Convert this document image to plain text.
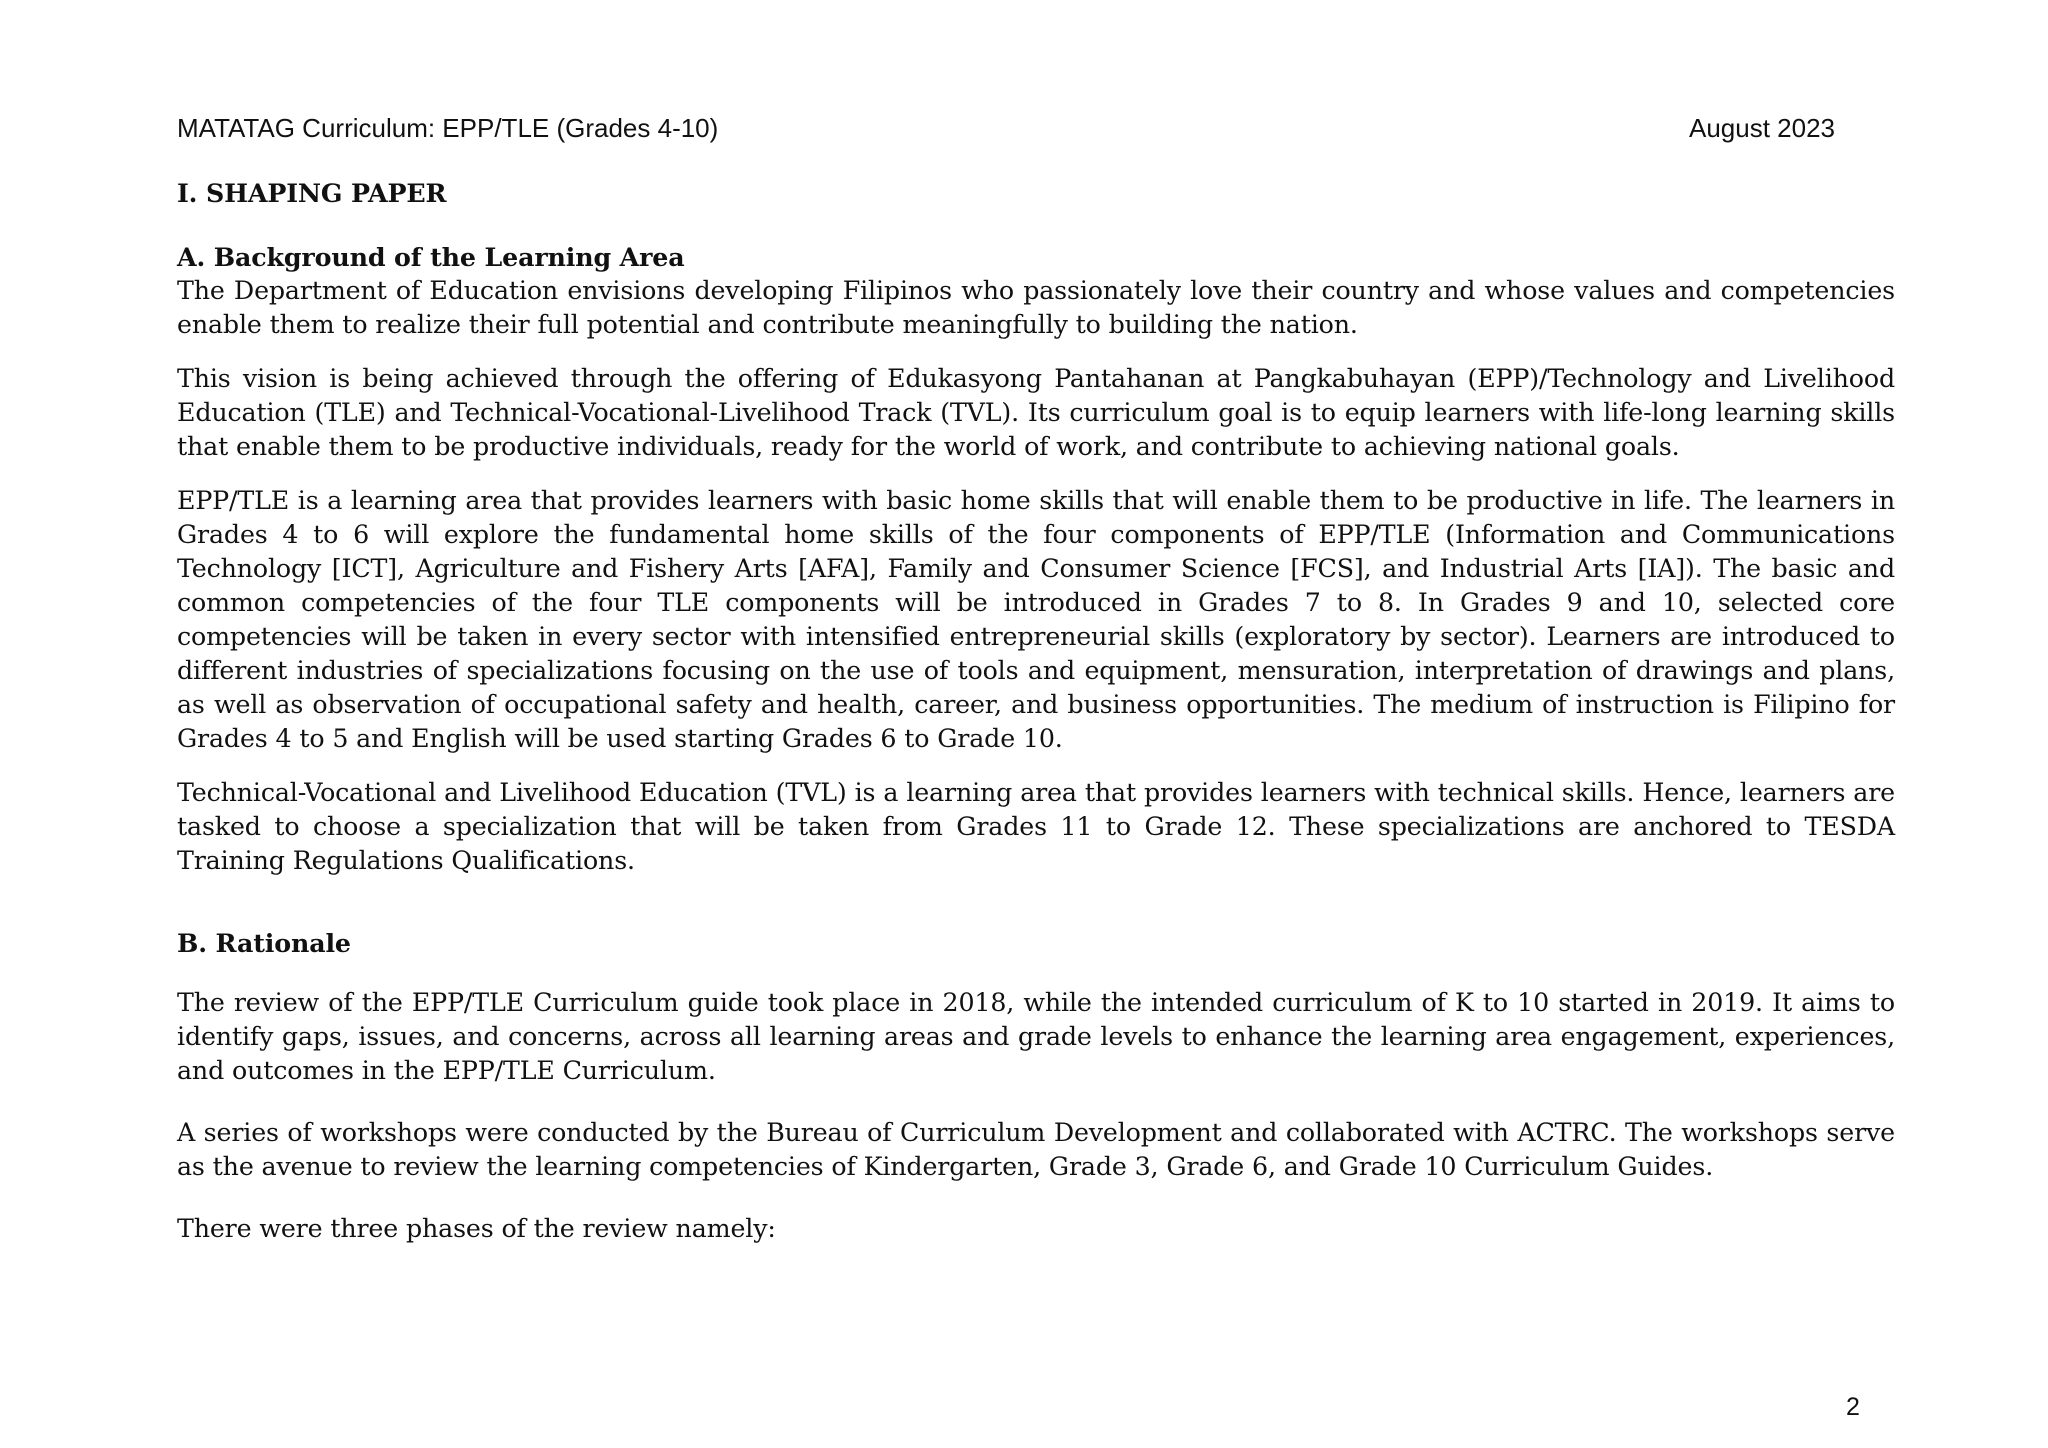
MATATAG Curriculum: EPP/TLE (Grades 4-10)	August 2023

I. SHAPING PAPER

A. Background of the Learning Area

The Department of Education envisions developing Filipinos who passionately love their country and whose values and competencies enable them to realize their full potential and contribute meaningfully to building the nation.

This vision is being achieved through the offering of Edukasyong Pantahanan at Pangkabuhayan (EPP)/Technology and Livelihood Education (TLE) and Technical-Vocational-Livelihood Track (TVL). Its curriculum goal is to equip learners with life-long learning skills that enable them to be productive individuals, ready for the world of work, and contribute to achieving national goals.

EPP/TLE is a learning area that provides learners with basic home skills that will enable them to be productive in life. The learners in Grades 4 to 6 will explore the fundamental home skills of the four components of EPP/TLE (Information and Communications Technology [ICT], Agriculture and Fishery Arts [AFA], Family and Consumer Science [FCS], and Industrial Arts [IA]). The basic and common competencies of the four TLE components will be introduced in Grades 7 to 8. In Grades 9 and 10, selected core competencies will be taken in every sector with intensified entrepreneurial skills (exploratory by sector). Learners are introduced to different industries of specializations focusing on the use of tools and equipment, mensuration, interpretation of drawings and plans, as well as observation of occupational safety and health, career, and business opportunities. The medium of instruction is Filipino for Grades 4 to 5 and English will be used starting Grades 6 to Grade 10.

Technical-Vocational and Livelihood Education (TVL) is a learning area that provides learners with technical skills. Hence, learners are tasked to choose a specialization that will be taken from Grades 11 to Grade 12. These specializations are anchored to TESDA Training Regulations Qualifications.

B. Rationale

The review of the EPP/TLE Curriculum guide took place in 2018, while the intended curriculum of K to 10 started in 2019. It aims to identify gaps, issues, and concerns, across all learning areas and grade levels to enhance the learning area engagement, experiences, and outcomes in the EPP/TLE Curriculum.

A series of workshops were conducted by the Bureau of Curriculum Development and collaborated with ACTRC. The workshops serve as the avenue to review the learning competencies of Kindergarten, Grade 3, Grade 6, and Grade 10 Curriculum Guides.

There were three phases of the review namely:

2
